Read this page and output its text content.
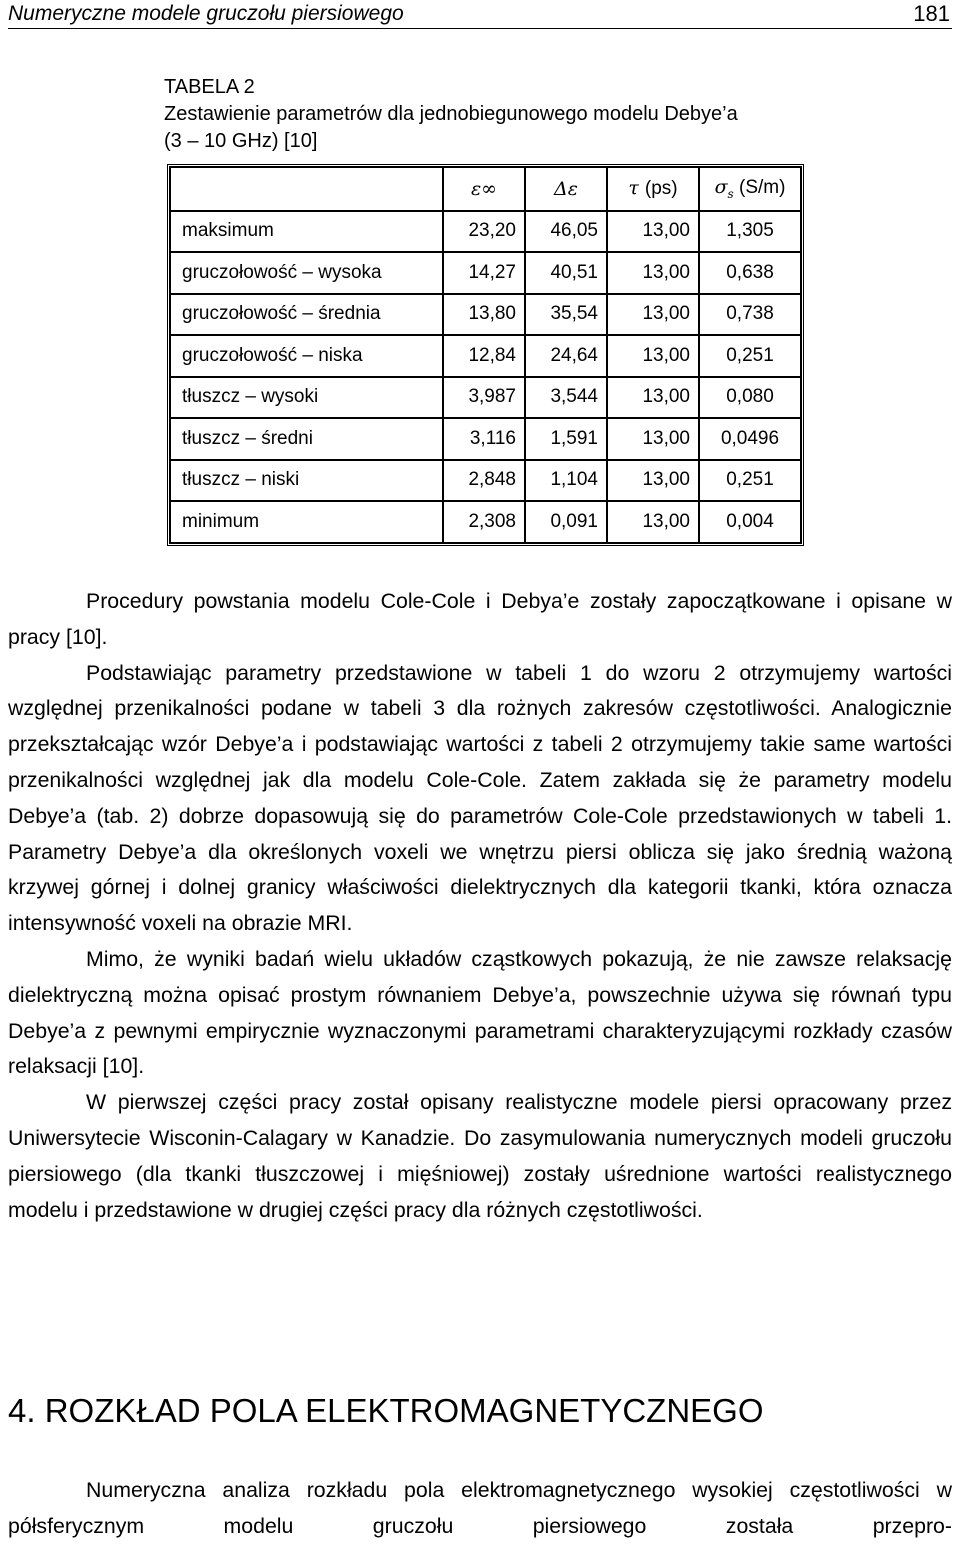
Numeryczne modele gruczołu piersiowego	181
TABELA 2
Zestawienie parametrów dla jednobiegunowego modelu Debye’a
(3 – 10 GHz) [10]
	ε∞	Δε	τ (ps)	$\sigma_s$ (S/m)
maksimum	23,20	46,05	13,00	1,305
gruczołowość – wysoka	14,27	40,51	13,00	0,638
gruczołowość – średnia	13,80	35,54	13,00	0,738
gruczołowość – niska	12,84	24,64	13,00	0,251
tłuszcz – wysoki	3,987	3,544	13,00	0,080
tłuszcz – średni	3,116	1,591	13,00	0,0496
tłuszcz – niski	2,848	1,104	13,00	0,251
minimum	2,308	0,091	13,00	0,004

Procedury powstania modelu Cole-Cole i Debya’e zostały zapoczątkowane i opisane w pracy [10].

Podstawiając parametry przedstawione w tabeli 1 do wzoru 2 otrzymujemy wartości względnej przenikalności podane w tabeli 3 dla rożnych zakresów częstotliwości. Analogicznie przekształcając wzór Debye’a i podstawiając wartości z tabeli 2 otrzymujemy takie same wartości przenikalności względnej jak dla modelu Cole-Cole. Zatem zakłada się że parametry modelu Debye’a (tab. 2) dobrze dopasowują się do parametrów Cole-Cole przedstawionych w tabeli 1. Parametry Debye’a dla określonych voxeli we wnętrzu piersi oblicza się jako średnią ważoną krzywej górnej i dolnej granicy właściwości dielektrycznych dla kategorii tkanki, która oznacza intensywność voxeli na obrazie MRI.

Mimo, że wyniki badań wielu układów cząstkowych pokazują, że nie zawsze relaksację dielektryczną można opisać prostym równaniem Debye’a, powszechnie używa się równań typu Debye’a z pewnymi empirycznie wyznaczonymi parametrami charakteryzującymi rozkłady czasów relaksacji [10].

W pierwszej części pracy został opisany realistyczne modele piersi opracowany przez Uniwersytecie Wisconin-Calagary w Kanadzie. Do zasymulowania numerycznych modeli gruczołu piersiowego (dla tkanki tłuszczowej i mięśniowej) zostały uśrednione wartości realistycznego modelu i przedstawione w drugiej części pracy dla różnych częstotliwości.

4. ROZKŁAD POLA ELEKTROMAGNETYCZNEGO

Numeryczna analiza rozkładu pola elektromagnetycznego wysokiej częstotliwości w półsferycznym modelu gruczołu piersiowego została przepro-
